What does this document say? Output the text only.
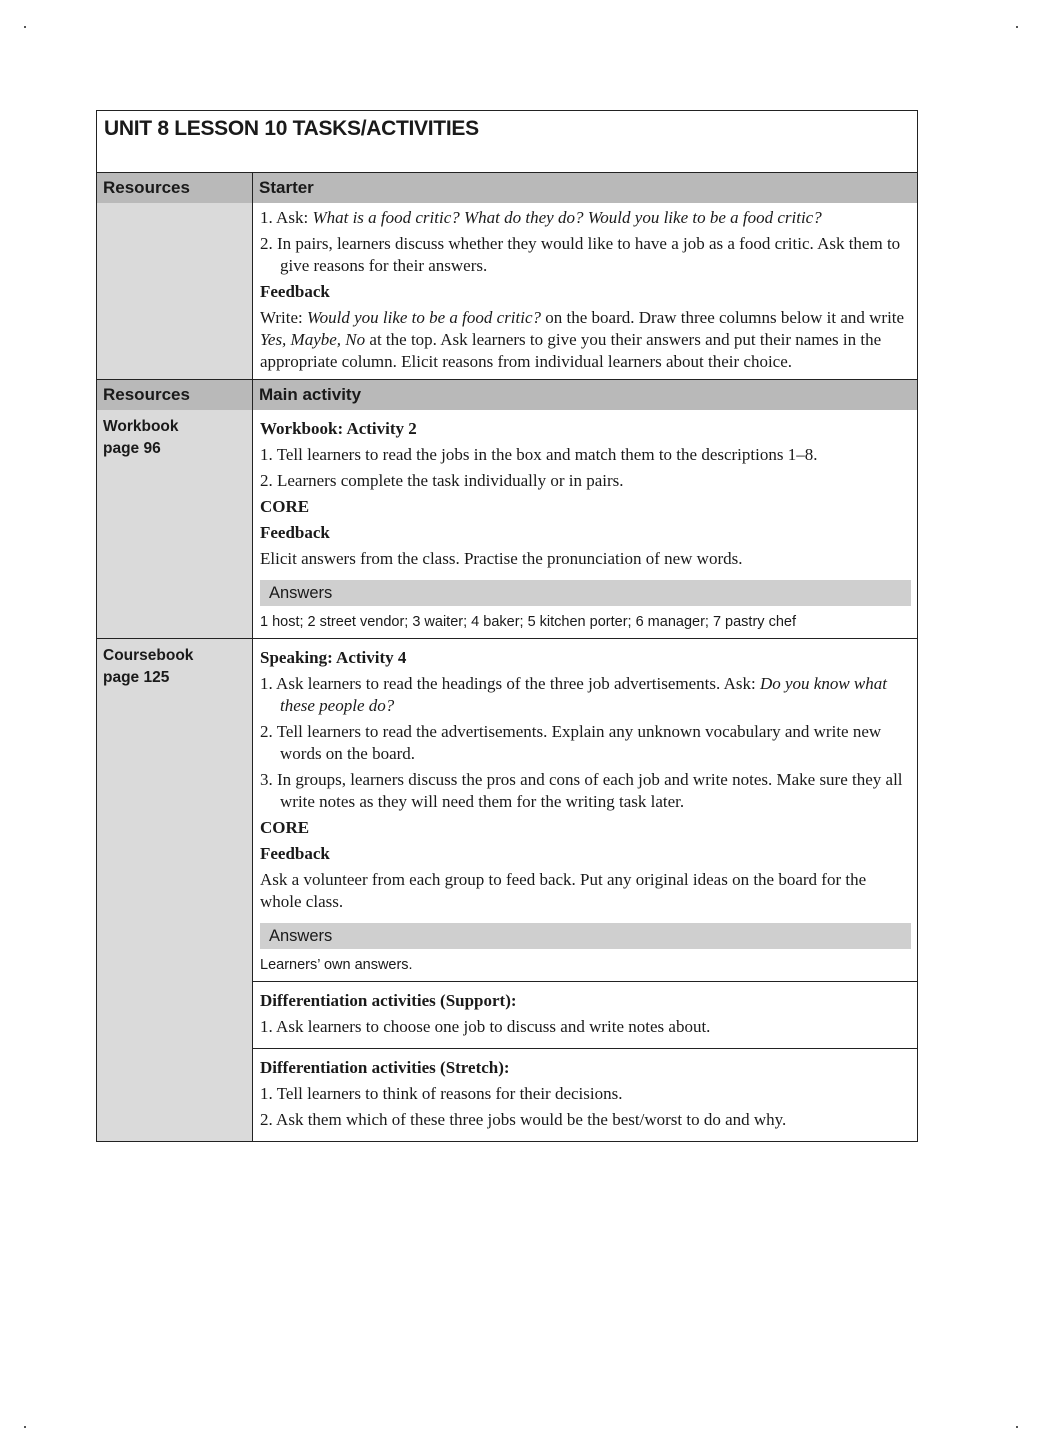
UNIT 8 LESSON 10 TASKS/ACTIVITIES
Resources	Starter
1. Ask: What is a food critic? What do they do? Would you like to be a food critic?
2. In pairs, learners discuss whether they would like to have a job as a food critic. Ask them to give reasons for their answers.
Feedback
Write: Would you like to be a food critic? on the board. Draw three columns below it and write Yes, Maybe, No at the top. Ask learners to give you their answers and put their names in the appropriate column. Elicit reasons from individual learners about their choice.
Resources	Main activity
Workbook
page 96
Workbook: Activity 2
1. Tell learners to read the jobs in the box and match them to the descriptions 1–8.
2. Learners complete the task individually or in pairs.
CORE
Feedback
Elicit answers from the class. Practise the pronunciation of new words.
Answers
1 host; 2 street vendor; 3 waiter; 4 baker; 5 kitchen porter; 6 manager; 7 pastry chef
Coursebook
page 125
Speaking: Activity 4
1. Ask learners to read the headings of the three job advertisements. Ask: Do you know what these people do?
2. Tell learners to read the advertisements. Explain any unknown vocabulary and write new words on the board.
3. In groups, learners discuss the pros and cons of each job and write notes. Make sure they all write notes as they will need them for the writing task later.
CORE
Feedback
Ask a volunteer from each group to feed back. Put any original ideas on the board for the whole class.
Answers
Learners’ own answers.
Differentiation activities (Support):
1. Ask learners to choose one job to discuss and write notes about.
Differentiation activities (Stretch):
1. Tell learners to think of reasons for their decisions.
2. Ask them which of these three jobs would be the best/worst to do and why.
